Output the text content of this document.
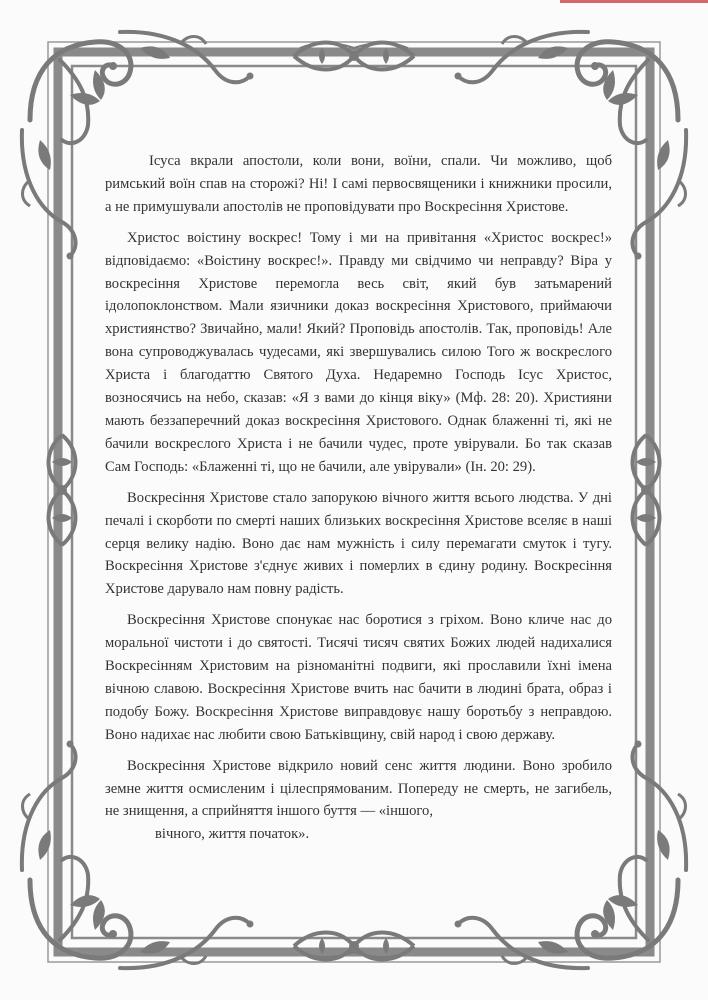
Ісуса вкрали апостоли, коли вони, воїни, спали. Чи можливо, щоб римський воїн спав на сторожі? Ні! І самі первосвященики і книжники просили, а не примушували апостолів не проповідувати про Воскресіння Христове.

Христос воістину воскрес! Тому і ми на привітання «Христос воскрес!» відповідаємо: «Воістину воскрес!». Правду ми свідчимо чи неправду? Віра у воскресіння Христове перемогла весь світ, який був затьмарений ідолопоклонством. Мали язичники доказ воскресіння Христового, приймаючи християнство? Звичайно, мали! Який? Проповідь апостолів. Так, проповідь! Але вона супроводжувалась чудесами, які звершувались силою Того ж воскреслого Христа і благодаттю Святого Духа. Недаремно Господь Ісус Христос, возносячись на небо, сказав: «Я з вами до кінця віку» (Мф. 28: 20). Християни мають беззаперечний доказ воскресіння Христового. Однак блаженні ті, які не бачили воскреслого Христа і не бачили чудес, проте увірували. Бо так сказав Сам Господь: «Блаженні ті, що не бачили, але увірували» (Ін. 20: 29).

Воскресіння Христове стало запорукою вічного життя всього людства. У дні печалі і скорботи по смерті наших близьких воскресіння Христове вселяє в наші серця велику надію. Воно дає нам мужність і силу перемагати смуток і тугу. Воскресіння Христове з'єднує живих і померлих в єдину родину. Воскресіння Христове дарувало нам повну радість.

Воскресіння Христове спонукає нас боротися з гріхом. Воно кличе нас до моральної чистоти і до святості. Тисячі тисяч святих Божих людей надихалися Воскресінням Христовим на різноманітні подвиги, які прославили їхні імена вічною славою. Воскресіння Христове вчить нас бачити в людині брата, образ і подобу Божу. Воскресіння Христове виправдовує нашу боротьбу з неправдою. Воно надихає нас любити свою Батьківщину, свій народ і свою державу.

Воскресіння Христове відкрило новий сенс життя людини. Воно зробило земне життя осмисленим і цілеспрямованим. Попереду не смерть, не загибель, не знищення, а сприйняття іншого буття — «іншого,
вічного, життя початок».
